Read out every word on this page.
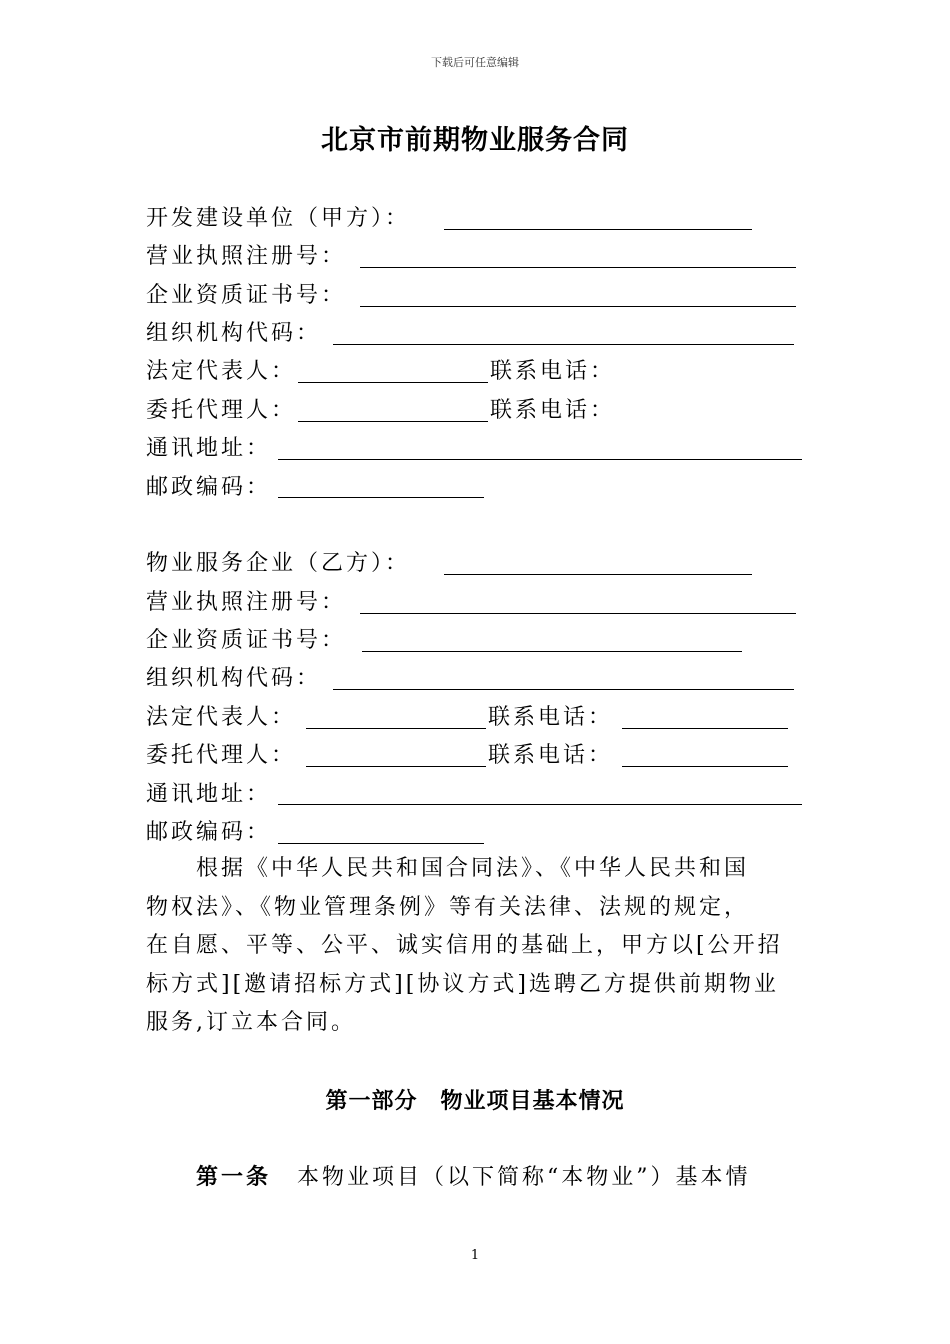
下载后可任意编辑
北京市前期物业服务合同
开发建设单位（甲方）：
营业执照注册号：
企业资质证书号：
组织机构代码：
法定代表人：	联系电话：
委托代理人：	联系电话：
通讯地址：
邮政编码：
物业服务企业（乙方）：
营业执照注册号：
企业资质证书号：
组织机构代码：
法定代表人：	联系电话：
委托代理人：	联系电话：
通讯地址：
邮政编码：
　　根据《中华人民共和国合同法》、《中华人民共和国
物权法》、《物业管理条例》等有关法律、法规的规定，
在自愿、平等、公平、诚实信用的基础上，甲方以[公开招
标方式][邀请招标方式][协议方式]选聘乙方提供前期物业
服务,订立本合同。
第一部分　物业项目基本情况
第一条 本物业项目（以下简称“本物业”）基本情
1
